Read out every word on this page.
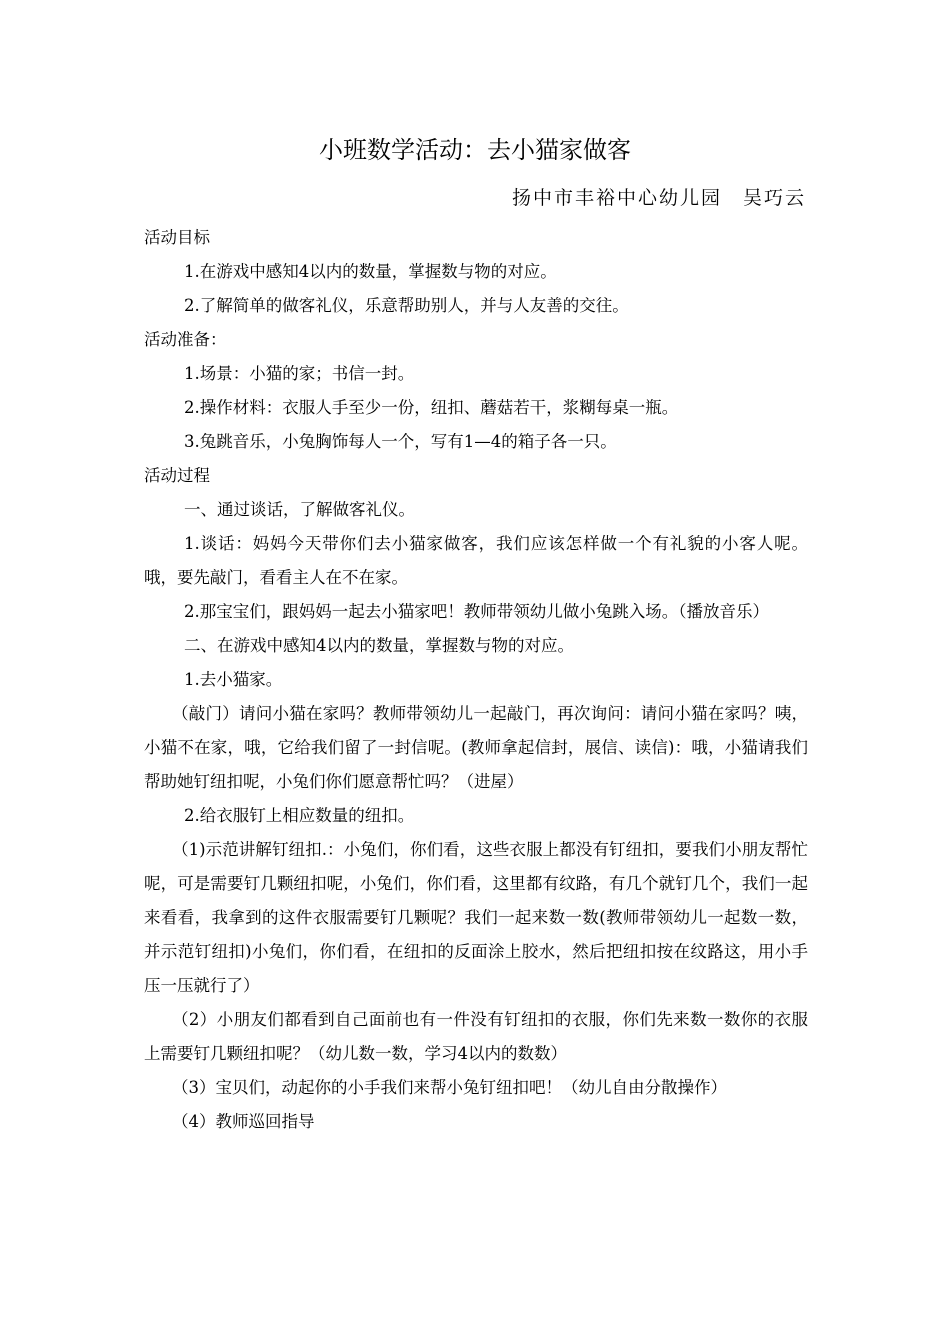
小班数学活动：去小猫家做客
扬中市丰裕中心幼儿园　吴巧云

活动目标

1.在游戏中感知4以内的数量，掌握数与物的对应。

2.了解简单的做客礼仪，乐意帮助别人，并与人友善的交往。

活动准备：

1.场景：小猫的家；书信一封。

2.操作材料：衣服人手至少一份，纽扣、蘑菇若干，浆糊每桌一瓶。

3.兔跳音乐，小兔胸饰每人一个，写有1—4的箱子各一只。

活动过程

一、通过谈话，了解做客礼仪。

1.谈话：妈妈今天带你们去小猫家做客，我们应该怎样做一个有礼貌的小客人呢。哦，要先敲门，看看主人在不在家。

2.那宝宝们，跟妈妈一起去小猫家吧！教师带领幼儿做小兔跳入场。（播放音乐）

二、在游戏中感知4以内的数量，掌握数与物的对应。

1.去小猫家。

（敲门）请问小猫在家吗？教师带领幼儿一起敲门，再次询问：请问小猫在家吗？咦，小猫不在家，哦，它给我们留了一封信呢。(教师拿起信封，展信、读信)：哦，小猫请我们帮助她钉纽扣呢，小兔们你们愿意帮忙吗？（进屋）

2.给衣服钉上相应数量的纽扣。

（1)示范讲解钉纽扣.：小兔们，你们看，这些衣服上都没有钉纽扣，要我们小朋友帮忙呢，可是需要钉几颗纽扣呢，小兔们，你们看，这里都有纹路，有几个就钉几个，我们一起来看看，我拿到的这件衣服需要钉几颗呢？我们一起来数一数(教师带领幼儿一起数一数，并示范钉纽扣)小兔们，你们看，在纽扣的反面涂上胶水，然后把纽扣按在纹路这，用小手压一压就行了）

（2）小朋友们都看到自己面前也有一件没有钉纽扣的衣服，你们先来数一数你的衣服上需要钉几颗纽扣呢？（幼儿数一数，学习4以内的数数）

（3）宝贝们，动起你的小手我们来帮小兔钉纽扣吧！（幼儿自由分散操作）

（4）教师巡回指导
